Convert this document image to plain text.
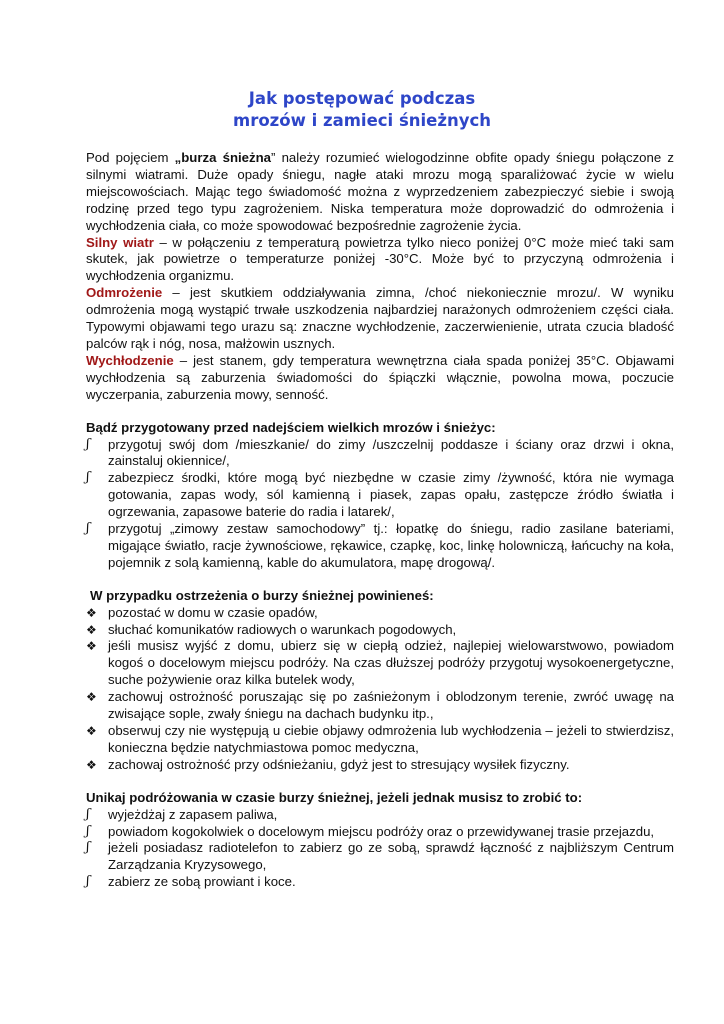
Jak postępować podczas
mrozów i zamieci śnieżnych

Pod pojęciem „burza śnieżna” należy rozumieć wielogodzinne obfite opady śniegu połączone z silnymi wiatrami. Duże opady śniegu, nagłe ataki mrozu mogą sparaliżować życie w wielu miejscowościach. Mając tego świadomość można z wyprzedzeniem zabezpieczyć siebie i swoją rodzinę przed tego typu zagrożeniem. Niska temperatura może doprowadzić do odmrożenia i wychłodzenia ciała, co może spowodować bezpośrednie zagrożenie życia.

Silny wiatr – w połączeniu z temperaturą powietrza tylko nieco poniżej 0°C może mieć taki sam skutek, jak powietrze o temperaturze poniżej -30°C. Może być to przyczyną odmrożenia i wychłodzenia organizmu.

Odmrożenie – jest skutkiem oddziaływania zimna, /choć niekoniecznie mrozu/. W wyniku odmrożenia mogą wystąpić trwałe uszkodzenia najbardziej narażonych odmrożeniem części ciała. Typowymi objawami tego urazu są: znaczne wychłodzenie, zaczerwienienie, utrata czucia bladość palców rąk i nóg, nosa, małżowin usznych.

Wychłodzenie – jest stanem, gdy temperatura wewnętrzna ciała spada poniżej 35°C. Objawami wychłodzenia są zaburzenia świadomości do śpiączki włącznie, powolna mowa, poczucie wyczerpania, zaburzenia mowy, senność.

Bądź przygotowany przed nadejściem wielkich mrozów i śnieżyc:

ʃ	przygotuj swój dom /mieszkanie/ do zimy /uszczelnij poddasze i ściany oraz drzwi i okna, zainstaluj okiennice/,
ʃ	zabezpiecz środki, które mogą być niezbędne w czasie zimy /żywność, która nie wymaga gotowania, zapas wody, sól kamienną i piasek, zapas opału, zastępcze źródło światła i ogrzewania, zapasowe baterie do radia i latarek/,
ʃ	przygotuj „zimowy zestaw samochodowy” tj.: łopatkę do śniegu, radio zasilane bateriami, migające światło, racje żywnościowe, rękawice, czapkę, koc, linkę holowniczą, łańcuchy na koła, pojemnik z solą kamienną, kable do akumulatora, mapę drogową/.

W przypadku ostrzeżenia o burzy śnieżnej powinieneś:

❖ pozostać w domu w czasie opadów,
❖ słuchać komunikatów radiowych o warunkach pogodowych,
❖ jeśli musisz wyjść z domu, ubierz się w ciepłą odzież, najlepiej wielowarstwowo, powiadom kogoś o docelowym miejscu podróży. Na czas dłuższej podróży przygotuj wysokoenergetyczne, suche pożywienie oraz kilka butelek wody,
❖ zachowuj ostrożność poruszając się po zaśnieżonym i oblodzonym terenie, zwróć uwagę na zwisające sople, zwały śniegu na dachach budynku itp.,
❖ obserwuj czy nie występują u ciebie objawy odmrożenia lub wychłodzenia – jeżeli to stwierdzisz, konieczna będzie natychmiastowa pomoc medyczna,
❖ zachowaj ostrożność przy odśnieżaniu, gdyż jest to stresujący wysiłek fizyczny.

Unikaj podróżowania w czasie burzy śnieżnej, jeżeli jednak musisz to zrobić to:

ʃ	wyjeżdżaj z zapasem paliwa,
ʃ	powiadom kogokolwiek o docelowym miejscu podróży oraz o przewidywanej trasie przejazdu,
ʃ	jeżeli posiadasz radiotelefon to zabierz go ze sobą, sprawdź łączność z najbliższym Centrum Zarządzania Kryzysowego,
ʃ	zabierz ze sobą prowiant i koce.
